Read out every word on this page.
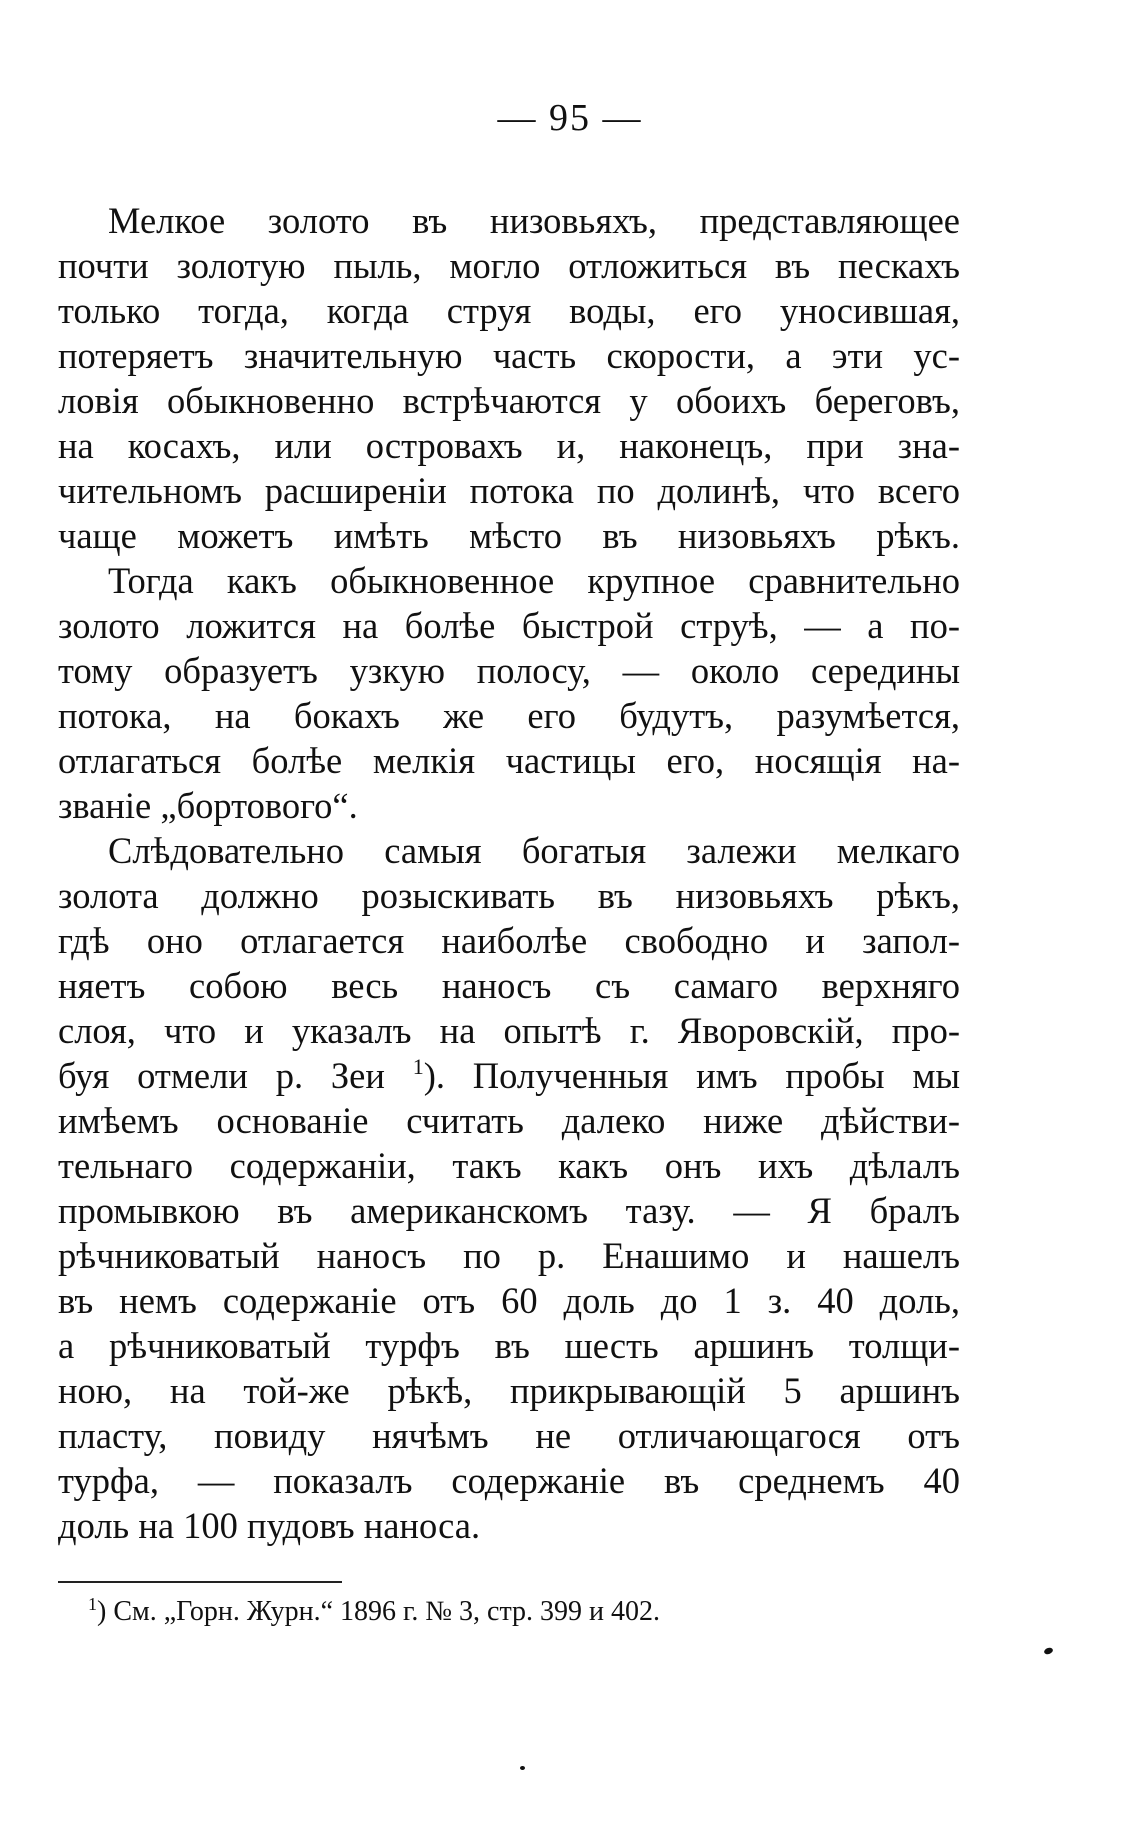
— 95 —
Мелкое золото въ низовьяхъ, представляющее
почти золотую пыль, могло отложиться въ пескахъ
только тогда, когда струя воды, его уносившая,
потеряетъ значительную часть скорости, а эти ус-
ловія обыкновенно встрѣчаются у обоихъ береговъ,
на косахъ, или островахъ и, наконецъ, при зна-
чительномъ расширеніи потока по долинѣ, что всего
чаще можетъ имѣть мѣсто въ низовьяхъ рѣкъ.
Тогда какъ обыкновенное крупное сравнительно
золото ложится на болѣе быстрой струѣ, — а по-
тому образуетъ узкую полосу, — около середины
потока, на бокахъ же его будутъ, разумѣется,
отлагаться болѣе мелкія частицы его, носящія на-
званіе „бортового“.
Слѣдовательно самыя богатыя залежи мелкаго
золота должно розыскивать въ низовьяхъ рѣкъ,
гдѣ оно отлагается наиболѣе свободно и запол-
няетъ собою весь наносъ съ самаго верхняго
слоя, что и указалъ на опытѣ г. Яворовскій, про-
буя отмели р. Зеи $^1$). Полученныя имъ пробы мы
имѣемъ основаніе считать далеко ниже дѣйстви-
тельнаго содержаніи, такъ какъ онъ ихъ дѣлалъ
промывкою въ американскомъ тазу. — Я бралъ
рѣчниковатый наносъ по р. Енашимо и нашелъ
въ немъ содержаніе отъ 60 доль до 1 з. 40 доль,
а рѣчниковатый турфъ въ шесть аршинъ толщи-
ною, на той-же рѣкѣ, прикрывающій 5 аршинъ
пласту, повиду нячѣмъ не отличающагося отъ
турфа, — показалъ содержаніе въ среднемъ 40
доль на 100 пудовъ наноса.
$^1$) См. „Горн. Журн.“ 1896 г. № 3, стр. 399 и 402.
